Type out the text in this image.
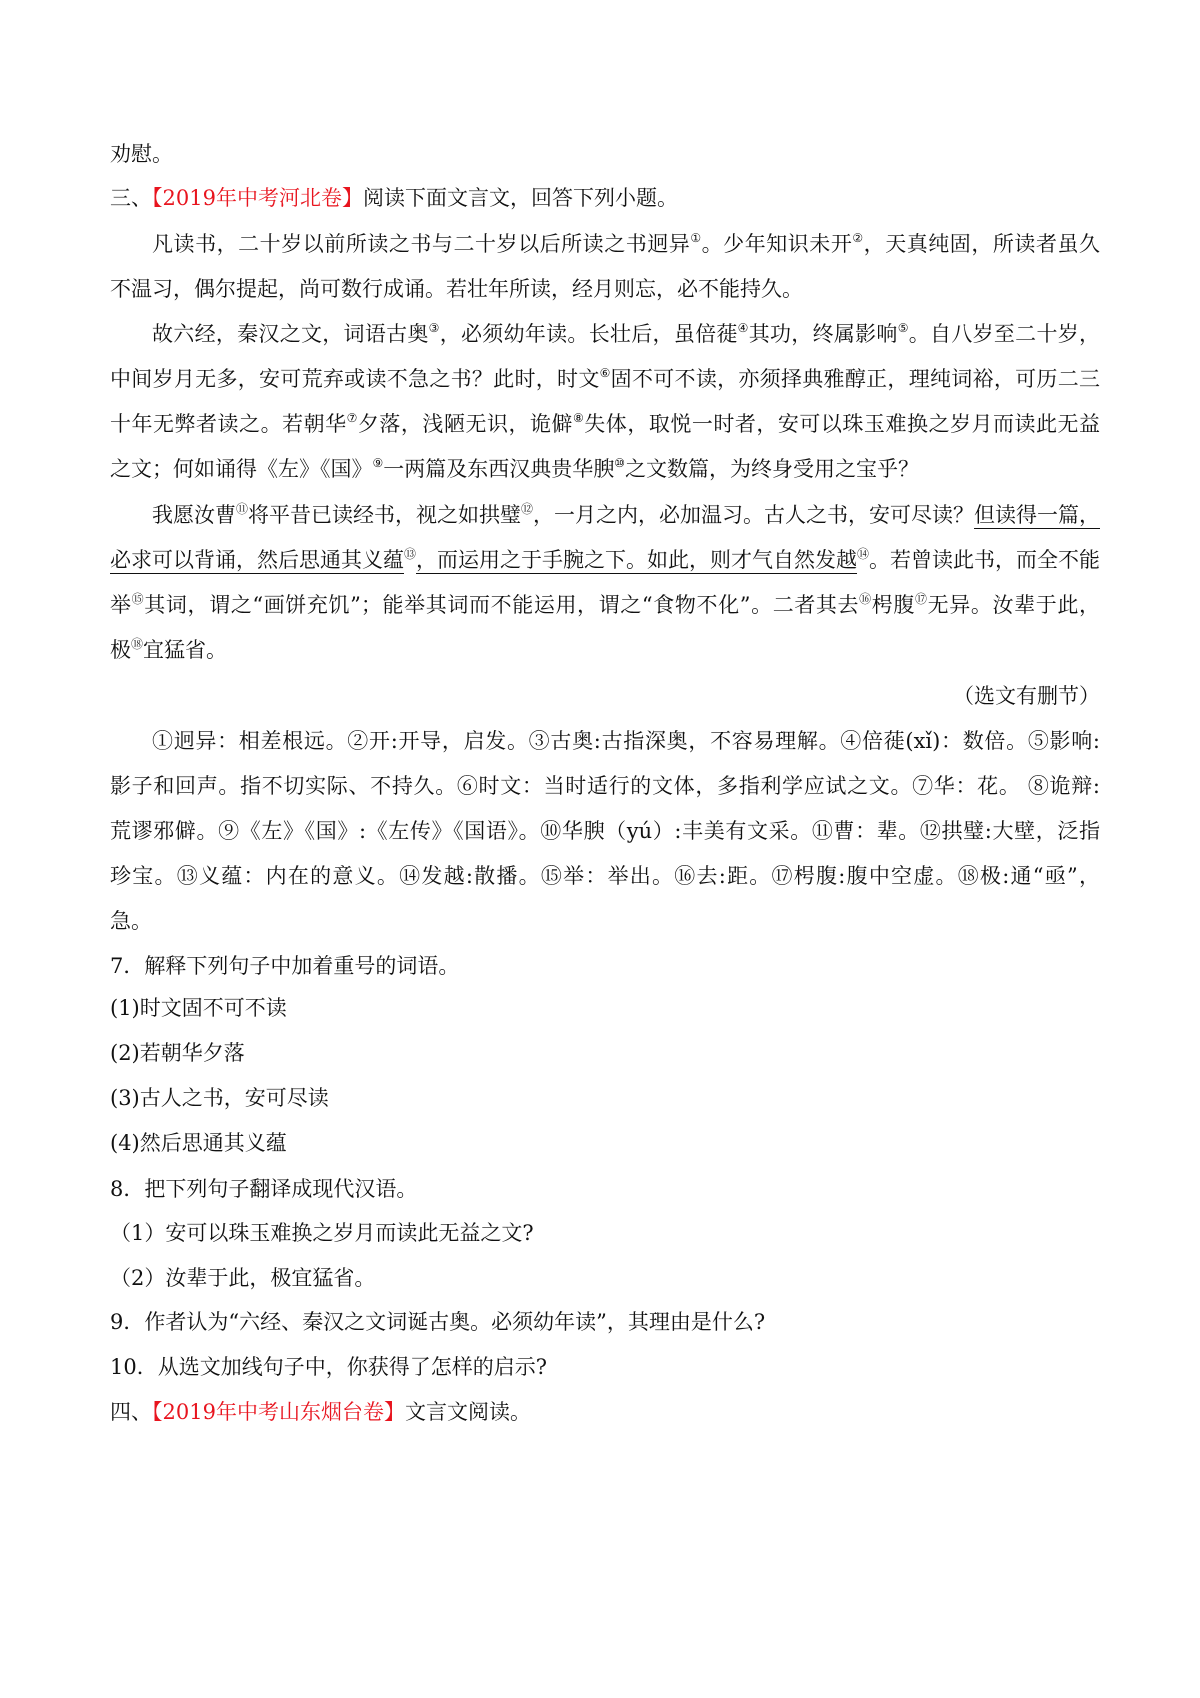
劝慰。
三、【2019年中考河北卷】阅读下面文言文，回答下列小题。
凡读书，二十岁以前所读之书与二十岁以后所读之书迥异①。少年知识未开②，天真纯固，所读者虽久
不温习，偶尔提起，尚可数行成诵。若壮年所读，经月则忘，必不能持久。
故六经，秦汉之文，词语古奥③，必须幼年读。长壮后，虽倍蓰④其功，终属影响⑤。自八岁至二十岁，
中间岁月无多，安可荒弃或读不急之书？此时，时文⑥固不可不读，亦须择典雅醇正，理纯词裕，可历二三
十年无弊者读之。若朝华⑦夕落，浅陋无识，诡僻⑧失体，取悦一时者，安可以珠玉难换之岁月而读此无益
之文；何如诵得《左》《国》⑨一两篇及东西汉典贵华腴⑩之文数篇，为终身受用之宝乎？
我愿汝曹⑪将平昔已读经书，视之如拱璧⑫，一月之内，必加温习。古人之书，安可尽读？但读得一篇，
必求可以背诵，然后思通其义蕴⑬，而运用之于手腕之下。如此，则才气自然发越⑭。若曾读此书，而全不能
举⑮其词，谓之“画饼充饥”；能举其词而不能运用，谓之“食物不化”。二者其去⑯枵腹⑰无异。汝辈于此，
极⑱宜猛省。
（选文有删节）
①迥异：相差根远。②开:开导，启发。③古奥:古指深奥，不容易理解。④倍蓰(xǐ)：数倍。⑤影响:
影子和回声。指不切实际、不持久。⑥时文：当时适行的文体，多指利学应试之文。⑦华：花。 ⑧诡辩:
荒谬邪僻。⑨《左》《国》:《左传》《国语》。⑩华腴（yú）:丰美有文采。⑪曹：辈。⑫拱璧:大壁，泛指
珍宝。⑬义蕴：内在的意义。⑭发越:散播。⑮举：举出。⑯去:距。⑰枵腹:腹中空虚。⑱极:通“亟”，
急。
7．解释下列句子中加着重号的词语。
(1)时文固不可不读
(2)若朝华夕落
(3)古人之书，安可尽读
(4)然后思通其义蕴
8．把下列句子翻译成现代汉语。
（1）安可以珠玉难换之岁月而读此无益之文?
（2）汝辈于此，极宜猛省。
9．作者认为“六经、秦汉之文词诞古奥。必须幼年读”，其理由是什么?
10．从选文加线句子中，你获得了怎样的启示?
四、【2019年中考山东烟台卷】文言文阅读。
